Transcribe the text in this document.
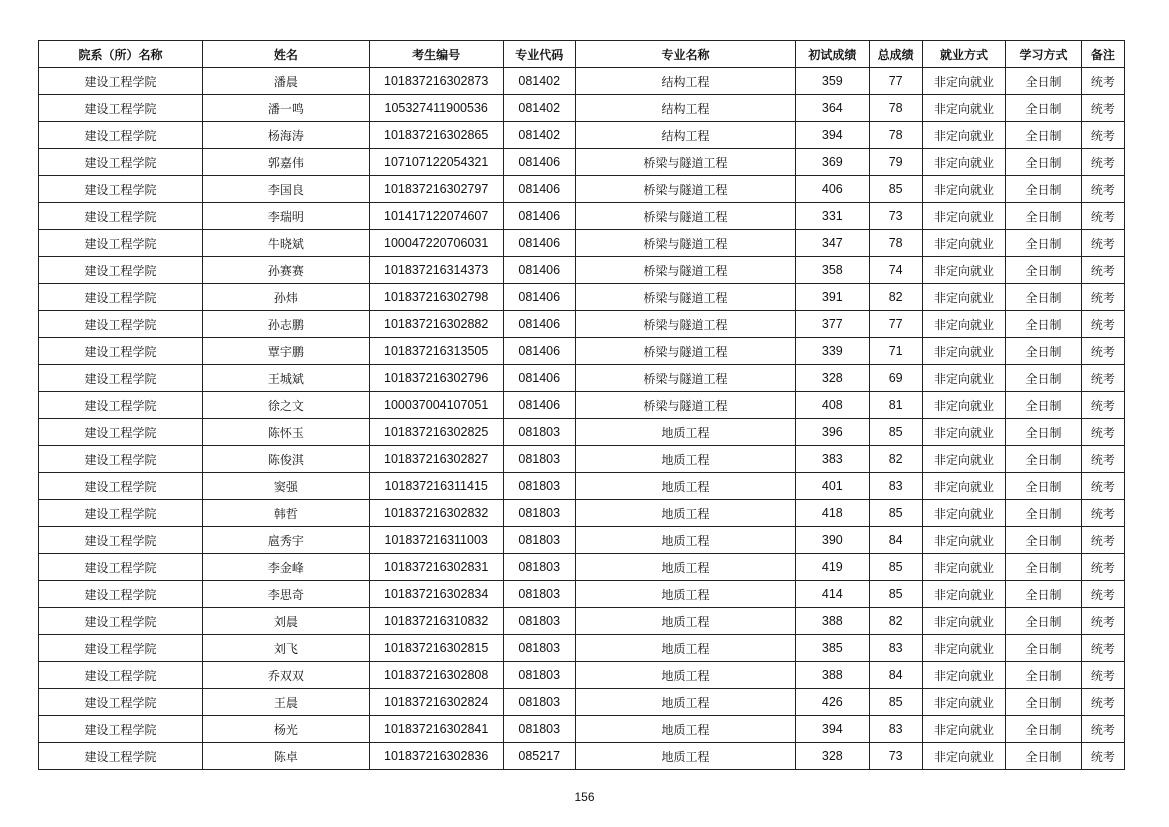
院系（所）名称	姓名	考生编号	专业代码	专业名称	初试成绩	总成绩	就业方式	学习方式	备注
建设工程学院	潘晨	101837216302873	081402	结构工程	359	77	非定向就业	全日制	统考
建设工程学院	潘一鸣	105327411900536	081402	结构工程	364	78	非定向就业	全日制	统考
建设工程学院	杨海涛	101837216302865	081402	结构工程	394	78	非定向就业	全日制	统考
建设工程学院	郭嘉伟	107107122054321	081406	桥梁与隧道工程	369	79	非定向就业	全日制	统考
建设工程学院	李国良	101837216302797	081406	桥梁与隧道工程	406	85	非定向就业	全日制	统考
建设工程学院	李瑞明	101417122074607	081406	桥梁与隧道工程	331	73	非定向就业	全日制	统考
建设工程学院	牛晓斌	100047220706031	081406	桥梁与隧道工程	347	78	非定向就业	全日制	统考
建设工程学院	孙赛赛	101837216314373	081406	桥梁与隧道工程	358	74	非定向就业	全日制	统考
建设工程学院	孙炜	101837216302798	081406	桥梁与隧道工程	391	82	非定向就业	全日制	统考
建设工程学院	孙志鹏	101837216302882	081406	桥梁与隧道工程	377	77	非定向就业	全日制	统考
建设工程学院	覃宇鹏	101837216313505	081406	桥梁与隧道工程	339	71	非定向就业	全日制	统考
建设工程学院	王城斌	101837216302796	081406	桥梁与隧道工程	328	69	非定向就业	全日制	统考
建设工程学院	徐之文	100037004107051	081406	桥梁与隧道工程	408	81	非定向就业	全日制	统考
建设工程学院	陈怀玉	101837216302825	081803	地质工程	396	85	非定向就业	全日制	统考
建设工程学院	陈俊淇	101837216302827	081803	地质工程	383	82	非定向就业	全日制	统考
建设工程学院	窦强	101837216311415	081803	地质工程	401	83	非定向就业	全日制	统考
建设工程学院	韩哲	101837216302832	081803	地质工程	418	85	非定向就业	全日制	统考
建设工程学院	扈秀宇	101837216311003	081803	地质工程	390	84	非定向就业	全日制	统考
建设工程学院	李金峰	101837216302831	081803	地质工程	419	85	非定向就业	全日制	统考
建设工程学院	李思奇	101837216302834	081803	地质工程	414	85	非定向就业	全日制	统考
建设工程学院	刘晨	101837216310832	081803	地质工程	388	82	非定向就业	全日制	统考
建设工程学院	刘飞	101837216302815	081803	地质工程	385	83	非定向就业	全日制	统考
建设工程学院	乔双双	101837216302808	081803	地质工程	388	84	非定向就业	全日制	统考
建设工程学院	王晨	101837216302824	081803	地质工程	426	85	非定向就业	全日制	统考
建设工程学院	杨光	101837216302841	081803	地质工程	394	83	非定向就业	全日制	统考
建设工程学院	陈卓	101837216302836	085217	地质工程	328	73	非定向就业	全日制	统考
156
